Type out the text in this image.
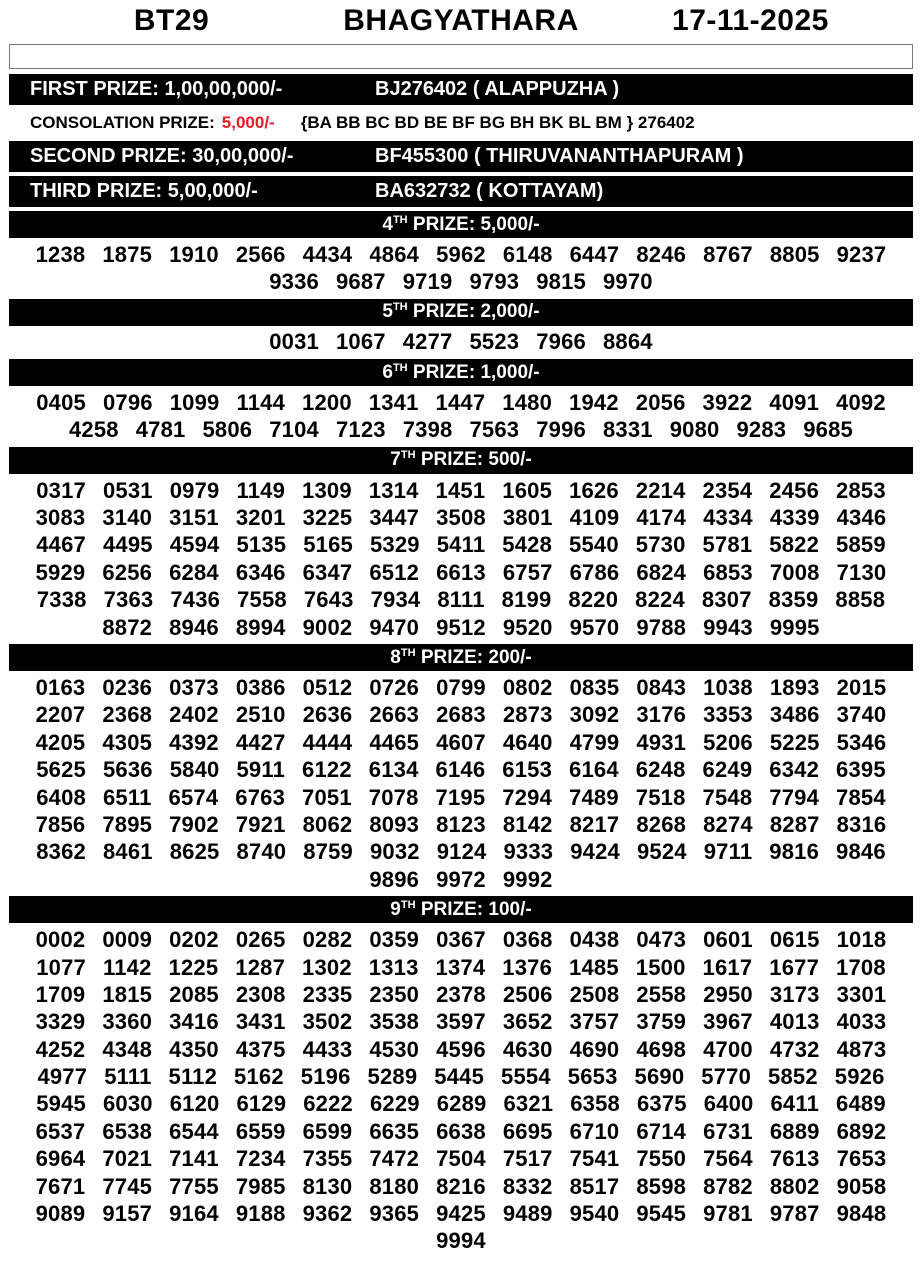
BT29	BHAGYATHARA	17-11-2025
FIRST PRIZE: 1,00,00,000/-	BJ276402 ( ALAPPUZHA )
CONSOLATION PRIZE: 5,000/- {BA BB BC BD BE BF BG BH BK BL BM } 276402
SECOND PRIZE: 30,00,000/-	BF455300 ( THIRUVANANTHAPURAM )
THIRD PRIZE: 5,00,000/-	BA632732 ( KOTTAYAM)
4TH PRIZE: 5,000/-
1238 1875 1910 2566 4434 4864 5962 6148 6447 8246 8767 8805 9237
9336 9687 9719 9793 9815 9970
5TH PRIZE: 2,000/-
0031 1067 4277 5523 7966 8864
6TH PRIZE: 1,000/-
0405 0796 1099 1144 1200 1341 1447 1480 1942 2056 3922 4091 4092
4258 4781 5806 7104 7123 7398 7563 7996 8331 9080 9283 9685
7TH PRIZE: 500/-
0317 0531 0979 1149 1309 1314 1451 1605 1626 2214 2354 2456 2853
3083 3140 3151 3201 3225 3447 3508 3801 4109 4174 4334 4339 4346
4467 4495 4594 5135 5165 5329 5411 5428 5540 5730 5781 5822 5859
5929 6256 6284 6346 6347 6512 6613 6757 6786 6824 6853 7008 7130
7338 7363 7436 7558 7643 7934 8111 8199 8220 8224 8307 8359 8858
8872 8946 8994 9002 9470 9512 9520 9570 9788 9943 9995
8TH PRIZE: 200/-
0163 0236 0373 0386 0512 0726 0799 0802 0835 0843 1038 1893 2015
2207 2368 2402 2510 2636 2663 2683 2873 3092 3176 3353 3486 3740
4205 4305 4392 4427 4444 4465 4607 4640 4799 4931 5206 5225 5346
5625 5636 5840 5911 6122 6134 6146 6153 6164 6248 6249 6342 6395
6408 6511 6574 6763 7051 7078 7195 7294 7489 7518 7548 7794 7854
7856 7895 7902 7921 8062 8093 8123 8142 8217 8268 8274 8287 8316
8362 8461 8625 8740 8759 9032 9124 9333 9424 9524 9711 9816 9846
9896 9972 9992
9TH PRIZE: 100/-
0002 0009 0202 0265 0282 0359 0367 0368 0438 0473 0601 0615 1018
1077 1142 1225 1287 1302 1313 1374 1376 1485 1500 1617 1677 1708
1709 1815 2085 2308 2335 2350 2378 2506 2508 2558 2950 3173 3301
3329 3360 3416 3431 3502 3538 3597 3652 3757 3759 3967 4013 4033
4252 4348 4350 4375 4433 4530 4596 4630 4690 4698 4700 4732 4873
4977 5111 5112 5162 5196 5289 5445 5554 5653 5690 5770 5852 5926
5945 6030 6120 6129 6222 6229 6289 6321 6358 6375 6400 6411 6489
6537 6538 6544 6559 6599 6635 6638 6695 6710 6714 6731 6889 6892
6964 7021 7141 7234 7355 7472 7504 7517 7541 7550 7564 7613 7653
7671 7745 7755 7985 8130 8180 8216 8332 8517 8598 8782 8802 9058
9089 9157 9164 9188 9362 9365 9425 9489 9540 9545 9781 9787 9848
9994
